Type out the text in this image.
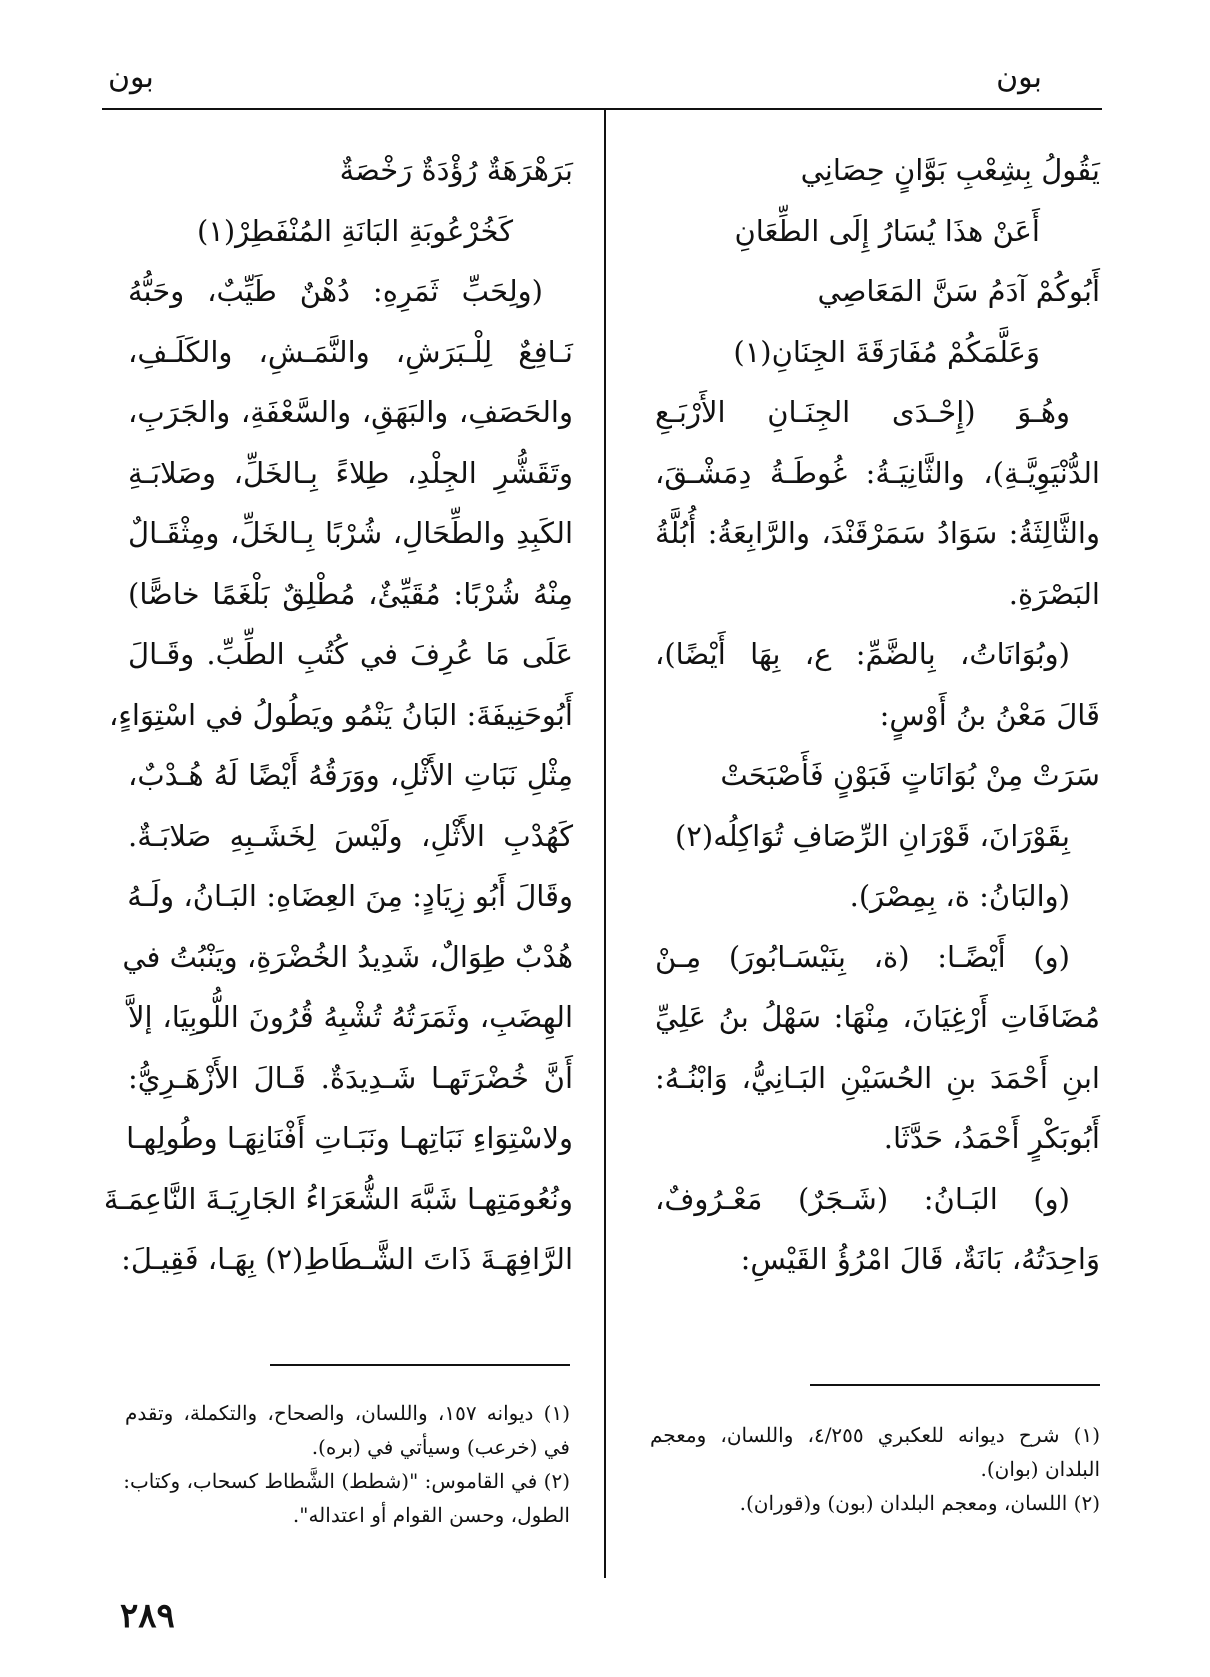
بون
بون
يَقُولُ بِشِعْبِ بَوَّانٍ حِصَانِي
أَعَنْ هذَا يُسَارُ إِلَى الطِّعَانِ
أَبُوكُمْ آدَمُ سَنَّ المَعَاصِي
وَعَلَّمَكُمْ مُفَارَقَةَ الجِنَانِ(١)
وهُـوَ (إِحْـدَى الجِنَـانِ الأَرْبَـعِ
الدُّنْيَوِيَّـةِ)، والثَّانِيَـةُ: غُوطَـةُ دِمَشْـقَ،
والثَّالِثَةُ: سَوَادُ سَمَرْقَنْدَ، والرَّابِعَةُ: أُبُلَّةُ
البَصْرَةِ.
(وبُوَانَاتُ، بِالضَّمِّ: ع، بِهَا أَيْضًا)،
قَالَ مَعْنُ بنُ أَوْسٍ:
سَرَتْ مِنْ بُوَانَاتٍ فَبَوْنٍ فَأَصْبَحَتْ
بِقَوْرَانَ، قَوْرَانِ الرِّصَافِ تُوَاكِلُه(٢)
(والبَانُ: ة، بِمِصْرَ).
(و) أَيْضًـا: (ة، بِنَيْسَـابُورَ) مِـنْ
مُضَافَاتِ أَرْغِيَانَ، مِنْهَا: سَهْلُ بنُ عَلِيِّ
ابنِ أَحْمَدَ بنِ الحُسَيْنِ البَـانِيُّ، وَابْنُـهُ:
أَبُوبَكْرٍ أَحْمَدُ، حَدَّثَا.
(و) البَـانُ: (شَـجَرٌ) مَعْـرُوفٌ،
وَاحِدَتُهُ، بَانَةٌ، قَالَ امْرُؤُ القَيْسِ:
بَرَهْرَهَةٌ رُؤْدَةٌ رَخْصَةٌ
كَخُرْعُوبَةِ البَانَةِ المُنْفَطِرْ(١)
(ولِحَبِّ ثَمَرِهِ: دُهْنٌ طَيِّبٌ، وحَبُّهُ
نَـافِعٌ لِلْـبَرَشِ، والنَّمَـشِ، والكَلَـفِ،
والحَصَفِ، والبَهَقِ، والسَّعْفَةِ، والجَرَبِ،
وتَقَشُّرِ الجِلْدِ، طِلاءً بِـالخَلِّ، وصَلابَـةِ
الكَبِدِ والطِّحَالِ، شُرْبًا بِـالخَلِّ، ومِثْقَـالٌ
مِنْهُ شُرْبًا: مُقَيِّئٌ، مُطْلِقٌ بَلْغَمًا خاصًّا)
عَلَى مَا عُرِفَ في كُتُبِ الطِّبِّ. وقَـالَ
أَبُوحَنِيفَةَ: البَانُ يَنْمُو ويَطُولُ في اسْتِوَاءٍ،
مِثْلِ نَبَاتِ الأَثْلِ، ووَرَقُهُ أَيْضًا لَهُ هُـدْبٌ،
كَهُدْبِ الأَثْلِ، ولَيْسَ لِخَشَـبِهِ صَلابَـةٌ.
وقَالَ أَبُو زِيَادٍ: مِنَ العِضَاهِ: البَـانُ، ولَـهُ
هُدْبٌ طِوَالٌ، شَدِيدُ الخُضْرَةِ، ويَنْبُتُ في
الهِضَبِ، وثَمَرَتُهُ تُشْبِهُ قُرُونَ اللُّوبِيَا، إلاَّ
أَنَّ خُضْرَتَهـا شَـدِيدَةٌ. قَـالَ الأَزْهَـرِيُّ:
ولاسْتِوَاءِ نَبَاتِهـا ونَبَـاتِ أَفْنَانِهَـا وطُولِهـا
ونُعُومَتِهـا شَبَّهَ الشُّعَرَاءُ الجَارِيَـةَ النَّاعِمَـةَ
الرَّافِهَـةَ ذَاتَ الشَّـطَاطِ(٢) بِهَـا، فَقِيـلَ:
(١) شرح ديوانه للعكبري ٤/٢٥٥، واللسان، ومعجم
البلدان (بوان).
(٢) اللسان، ومعجم البلدان (بون) و(قوران).
(١) ديوانه ١٥٧، واللسان، والصحاح، والتكملة، وتقدم
في (خرعب) وسيأتي في (بره).
(٢) في القاموس: "(شطط) الشَّطاط كسحاب، وكتاب:
الطول، وحسن القوام أو اعتداله".
٢٨٩
